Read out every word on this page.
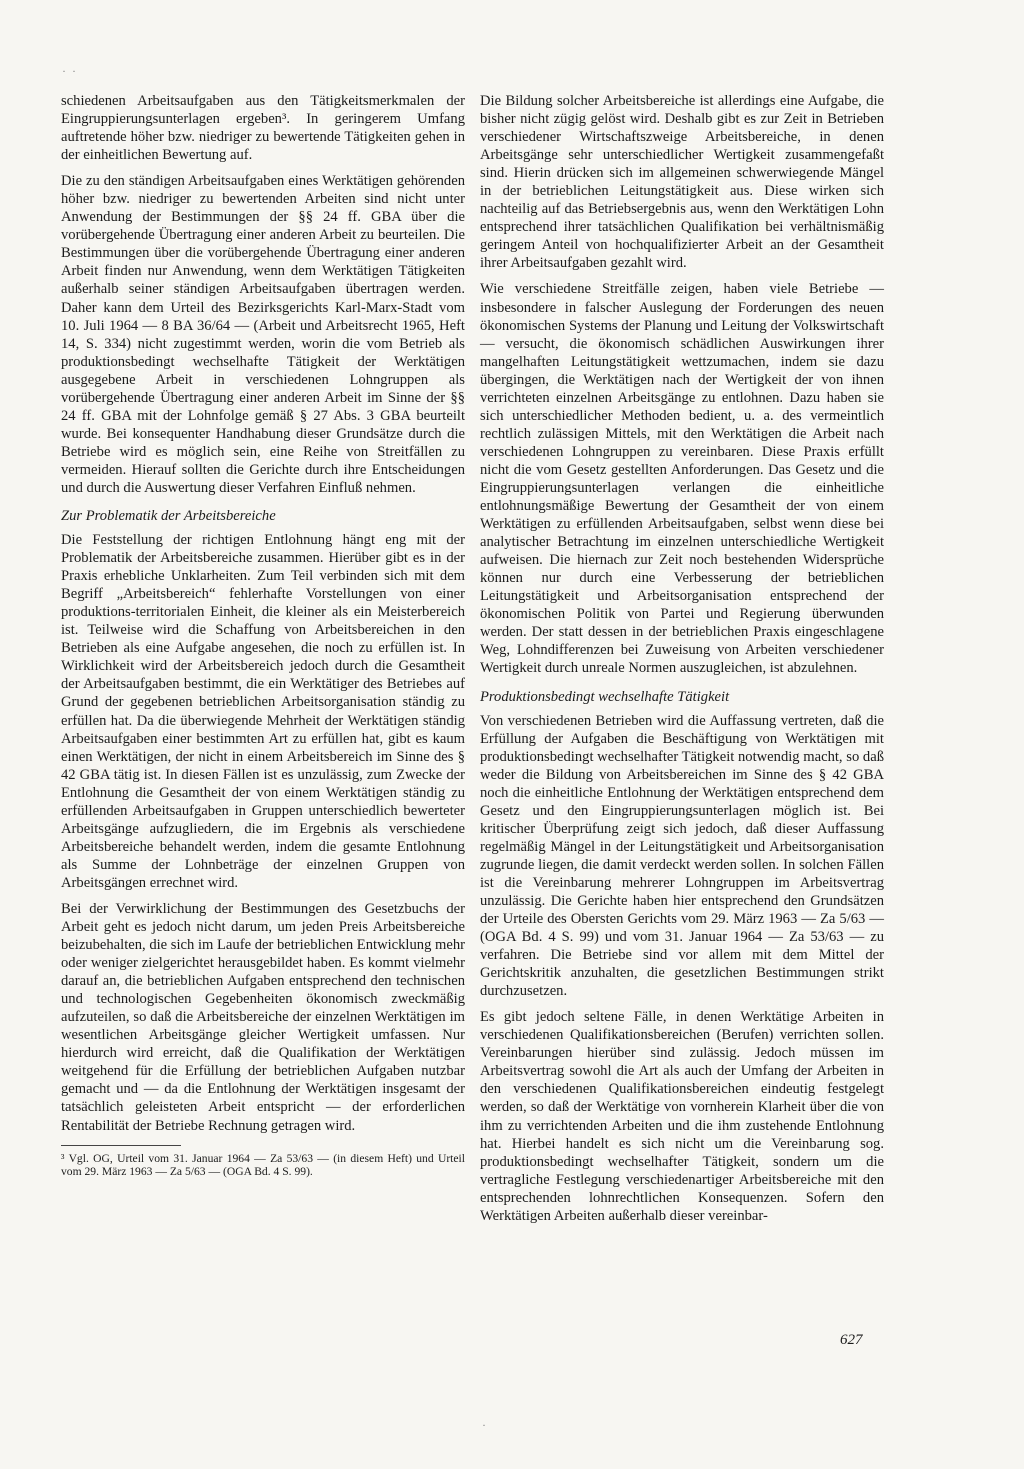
·  ·

schiedenen Arbeitsaufgaben aus den Tätigkeitsmerkmalen der Eingruppierungsunterlagen ergeben³. In geringerem Umfang auftretende höher bzw. niedriger zu bewertende Tätigkeiten gehen in der einheitlichen Bewertung auf.

Die zu den ständigen Arbeitsaufgaben eines Werktätigen gehörenden höher bzw. niedriger zu bewertenden Arbeiten sind nicht unter Anwendung der Bestimmungen der §§ 24 ff. GBA über die vorübergehende Übertragung einer anderen Arbeit zu beurteilen. Die Bestimmungen über die vorübergehende Übertragung einer anderen Arbeit finden nur Anwendung, wenn dem Werktätigen Tätigkeiten außerhalb seiner ständigen Arbeitsaufgaben übertragen werden. Daher kann dem Urteil des Bezirksgerichts Karl-Marx-Stadt vom 10. Juli 1964 — 8 BA 36/64 — (Arbeit und Arbeitsrecht 1965, Heft 14, S. 334) nicht zugestimmt werden, worin die vom Betrieb als produktionsbedingt wechselhafte Tätigkeit der Werktätigen ausgegebene Arbeit in verschiedenen Lohngruppen als vorübergehende Übertragung einer anderen Arbeit im Sinne der §§ 24 ff. GBA mit der Lohnfolge gemäß § 27 Abs. 3 GBA beurteilt wurde. Bei konsequenter Handhabung dieser Grundsätze durch die Betriebe wird es möglich sein, eine Reihe von Streitfällen zu vermeiden. Hierauf sollten die Gerichte durch ihre Entscheidungen und durch die Auswertung dieser Verfahren Einfluß nehmen.

Zur Problematik der Arbeitsbereiche

Die Feststellung der richtigen Entlohnung hängt eng mit der Problematik der Arbeitsbereiche zusammen. Hierüber gibt es in der Praxis erhebliche Unklarheiten. Zum Teil verbinden sich mit dem Begriff „Arbeitsbereich“ fehlerhafte Vorstellungen von einer produktions-territorialen Einheit, die kleiner als ein Meisterbereich ist. Teilweise wird die Schaffung von Arbeitsbereichen in den Betrieben als eine Aufgabe angesehen, die noch zu erfüllen ist. In Wirklichkeit wird der Arbeitsbereich jedoch durch die Gesamtheit der Arbeitsaufgaben bestimmt, die ein Werktätiger des Betriebes auf Grund der gegebenen betrieblichen Arbeitsorganisation ständig zu erfüllen hat. Da die überwiegende Mehrheit der Werktätigen ständig Arbeitsaufgaben einer bestimmten Art zu erfüllen hat, gibt es kaum einen Werktätigen, der nicht in einem Arbeitsbereich im Sinne des § 42 GBA tätig ist. In diesen Fällen ist es unzulässig, zum Zwecke der Entlohnung die Gesamtheit der von einem Werktätigen ständig zu erfüllenden Arbeitsaufgaben in Gruppen unterschiedlich bewerteter Arbeitsgänge aufzugliedern, die im Ergebnis als verschiedene Arbeitsbereiche behandelt werden, indem die gesamte Entlohnung als Summe der Lohnbeträge der einzelnen Gruppen von Arbeitsgängen errechnet wird.

Bei der Verwirklichung der Bestimmungen des Gesetzbuchs der Arbeit geht es jedoch nicht darum, um jeden Preis Arbeitsbereiche beizubehalten, die sich im Laufe der betrieblichen Entwicklung mehr oder weniger zielgerichtet herausgebildet haben. Es kommt vielmehr darauf an, die betrieblichen Aufgaben entsprechend den technischen und technologischen Gegebenheiten ökonomisch zweckmäßig aufzuteilen, so daß die Arbeitsbereiche der einzelnen Werktätigen im wesentlichen Arbeitsgänge gleicher Wertigkeit umfassen. Nur hierdurch wird erreicht, daß die Qualifikation der Werktätigen weitgehend für die Erfüllung der betrieblichen Aufgaben nutzbar gemacht und — da die Entlohnung der Werktätigen insgesamt der tatsächlich geleisteten Arbeit entspricht — der erforderlichen Rentabilität der Betriebe Rechnung getragen wird.

³ Vgl. OG, Urteil vom 31. Januar 1964 — Za 53/63 — (in diesem Heft) und Urteil vom 29. März 1963 — Za 5/63 — (OGA Bd. 4 S. 99).

Die Bildung solcher Arbeitsbereiche ist allerdings eine Aufgabe, die bisher nicht zügig gelöst wird. Deshalb gibt es zur Zeit in Betrieben verschiedener Wirtschaftszweige Arbeitsbereiche, in denen Arbeitsgänge sehr unterschiedlicher Wertigkeit zusammengefaßt sind. Hierin drücken sich im allgemeinen schwerwiegende Mängel in der betrieblichen Leitungstätigkeit aus. Diese wirken sich nachteilig auf das Betriebsergebnis aus, wenn den Werktätigen Lohn entsprechend ihrer tatsächlichen Qualifikation bei verhältnismäßig geringem Anteil von hochqualifizierter Arbeit an der Gesamtheit ihrer Arbeitsaufgaben gezahlt wird.

Wie verschiedene Streitfälle zeigen, haben viele Betriebe — insbesondere in falscher Auslegung der Forderungen des neuen ökonomischen Systems der Planung und Leitung der Volkswirtschaft — versucht, die ökonomisch schädlichen Auswirkungen ihrer mangelhaften Leitungstätigkeit wettzumachen, indem sie dazu übergingen, die Werktätigen nach der Wertigkeit der von ihnen verrichteten einzelnen Arbeitsgänge zu entlohnen. Dazu haben sie sich unterschiedlicher Methoden bedient, u. a. des vermeintlich rechtlich zulässigen Mittels, mit den Werktätigen die Arbeit nach verschiedenen Lohngruppen zu vereinbaren. Diese Praxis erfüllt nicht die vom Gesetz gestellten Anforderungen. Das Gesetz und die Eingruppierungsunterlagen verlangen die einheitliche entlohnungsmäßige Bewertung der Gesamtheit der von einem Werktätigen zu erfüllenden Arbeitsaufgaben, selbst wenn diese bei analytischer Betrachtung im einzelnen unterschiedliche Wertigkeit aufweisen. Die hiernach zur Zeit noch bestehenden Widersprüche können nur durch eine Verbesserung der betrieblichen Leitungstätigkeit und Arbeitsorganisation entsprechend der ökonomischen Politik von Partei und Regierung überwunden werden. Der statt dessen in der betrieblichen Praxis eingeschlagene Weg, Lohndifferenzen bei Zuweisung von Arbeiten verschiedener Wertigkeit durch unreale Normen auszugleichen, ist abzulehnen.

Produktionsbedingt wechselhafte Tätigkeit

Von verschiedenen Betrieben wird die Auffassung vertreten, daß die Erfüllung der Aufgaben die Beschäftigung von Werktätigen mit produktionsbedingt wechselhafter Tätigkeit notwendig macht, so daß weder die Bildung von Arbeitsbereichen im Sinne des § 42 GBA noch die einheitliche Entlohnung der Werktätigen entsprechend dem Gesetz und den Eingruppierungsunterlagen möglich ist. Bei kritischer Überprüfung zeigt sich jedoch, daß dieser Auffassung regelmäßig Mängel in der Leitungstätigkeit und Arbeitsorganisation zugrunde liegen, die damit verdeckt werden sollen. In solchen Fällen ist die Vereinbarung mehrerer Lohngruppen im Arbeitsvertrag unzulässig. Die Gerichte haben hier entsprechend den Grundsätzen der Urteile des Obersten Gerichts vom 29. März 1963 — Za 5/63 — (OGA Bd. 4 S. 99) und vom 31. Januar 1964 — Za 53/63 — zu verfahren. Die Betriebe sind vor allem mit dem Mittel der Gerichtskritik anzuhalten, die gesetzlichen Bestimmungen strikt durchzusetzen.

Es gibt jedoch seltene Fälle, in denen Werktätige Arbeiten in verschiedenen Qualifikationsbereichen (Berufen) verrichten sollen. Vereinbarungen hierüber sind zulässig. Jedoch müssen im Arbeitsvertrag sowohl die Art als auch der Umfang der Arbeiten in den verschiedenen Qualifikationsbereichen eindeutig festgelegt werden, so daß der Werktätige von vornherein Klarheit über die von ihm zu verrichtenden Arbeiten und die ihm zustehende Entlohnung hat. Hierbei handelt es sich nicht um die Vereinbarung sog. produktionsbedingt wechselhafter Tätigkeit, sondern um die vertragliche Festlegung verschiedenartiger Arbeitsbereiche mit den entsprechenden lohnrechtlichen Konsequenzen. Sofern den Werktätigen Arbeiten außerhalb dieser vereinbar-

627
·
